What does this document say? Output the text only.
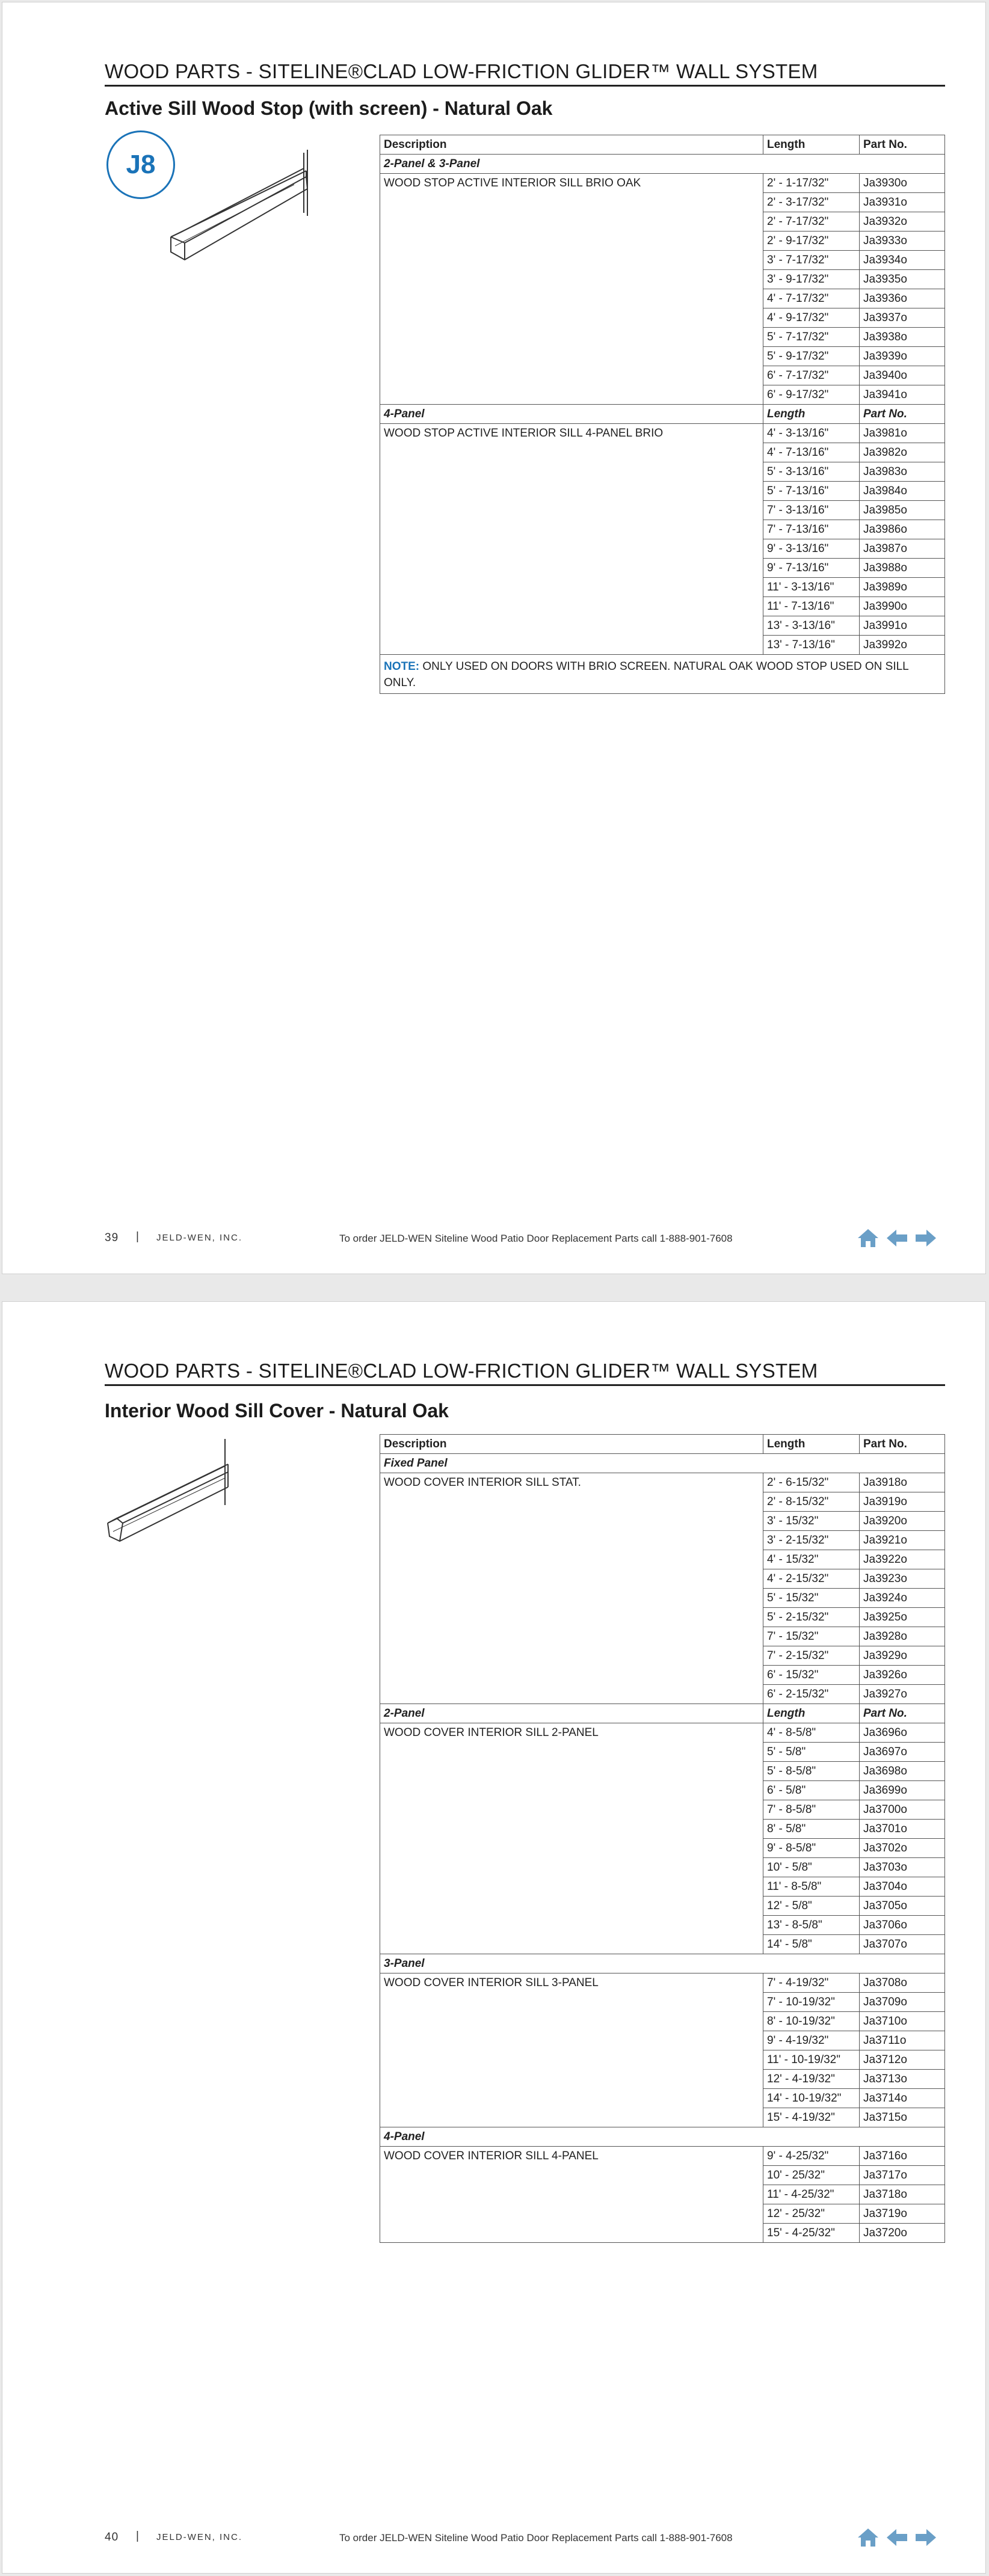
WOOD PARTS - SITELINE®CLAD LOW-FRICTION GLIDER™ WALL SYSTEM
Active Sill Wood Stop (with screen) - Natural Oak
J8
Description	Length	Part No.
2-Panel & 3-Panel		
WOOD STOP ACTIVE INTERIOR SILL BRIO OAK	2' - 1-17/32"	Ja3930o
	2' - 3-17/32"	Ja3931o
	2' - 7-17/32"	Ja3932o
	2' - 9-17/32"	Ja3933o
	3' - 7-17/32"	Ja3934o
	3' - 9-17/32"	Ja3935o
	4' - 7-17/32"	Ja3936o
	4' - 9-17/32"	Ja3937o
	5' - 7-17/32"	Ja3938o
	5' - 9-17/32"	Ja3939o
	6' - 7-17/32"	Ja3940o
	6' - 9-17/32"	Ja3941o
4-Panel	Length	Part No.
WOOD STOP ACTIVE INTERIOR SILL 4-PANEL BRIO	4' - 3-13/16"	Ja3981o
	4' - 7-13/16"	Ja3982o
	5' - 3-13/16"	Ja3983o
	5' - 7-13/16"	Ja3984o
	7' - 3-13/16"	Ja3985o
	7' - 7-13/16"	Ja3986o
	9' - 3-13/16"	Ja3987o
	9' - 7-13/16"	Ja3988o
	11' - 3-13/16"	Ja3989o
	11' - 7-13/16"	Ja3990o
	13' - 3-13/16"	Ja3991o
	13' - 7-13/16"	Ja3992o
NOTE: ONLY USED ON DOORS WITH BRIO SCREEN. NATURAL OAK WOOD STOP USED ON SILL ONLY.		
39 | JELD-WEN, INC.	To order JELD-WEN Siteline Wood Patio Door Replacement Parts call 1-888-901-7608
WOOD PARTS - SITELINE®CLAD LOW-FRICTION GLIDER™ WALL SYSTEM
Interior Wood Sill Cover - Natural Oak
Description	Length	Part No.
Fixed Panel		
WOOD COVER INTERIOR SILL STAT.	2' - 6-15/32"	Ja3918o
	2' - 8-15/32"	Ja3919o
	3' - 15/32"	Ja3920o
	3' - 2-15/32"	Ja3921o
	4' - 15/32"	Ja3922o
	4' - 2-15/32"	Ja3923o
	5' - 15/32"	Ja3924o
	5' - 2-15/32"	Ja3925o
	7' - 15/32"	Ja3928o
	7' - 2-15/32"	Ja3929o
	6' - 15/32"	Ja3926o
	6' - 2-15/32"	Ja3927o
2-Panel	Length	Part No.
WOOD COVER INTERIOR SILL 2-PANEL	4' - 8-5/8"	Ja3696o
	5' - 5/8"	Ja3697o
	5' - 8-5/8"	Ja3698o
	6' - 5/8"	Ja3699o
	7' - 8-5/8"	Ja3700o
	8' - 5/8"	Ja3701o
	9' - 8-5/8"	Ja3702o
	10' - 5/8"	Ja3703o
	11' - 8-5/8"	Ja3704o
	12' - 5/8"	Ja3705o
	13' - 8-5/8"	Ja3706o
	14' - 5/8"	Ja3707o
3-Panel		
WOOD COVER INTERIOR SILL 3-PANEL	7' - 4-19/32"	Ja3708o
	7' - 10-19/32"	Ja3709o
	8' - 10-19/32"	Ja3710o
	9' - 4-19/32"	Ja3711o
	11' - 10-19/32"	Ja3712o
	12' - 4-19/32"	Ja3713o
	14' - 10-19/32"	Ja3714o
	15' - 4-19/32"	Ja3715o
4-Panel		
WOOD COVER INTERIOR SILL 4-PANEL	9' - 4-25/32"	Ja3716o
	10' - 25/32"	Ja3717o
	11' - 4-25/32"	Ja3718o
	12' - 25/32"	Ja3719o
	15' - 4-25/32"	Ja3720o
40 | JELD-WEN, INC.	To order JELD-WEN Siteline Wood Patio Door Replacement Parts call 1-888-901-7608
